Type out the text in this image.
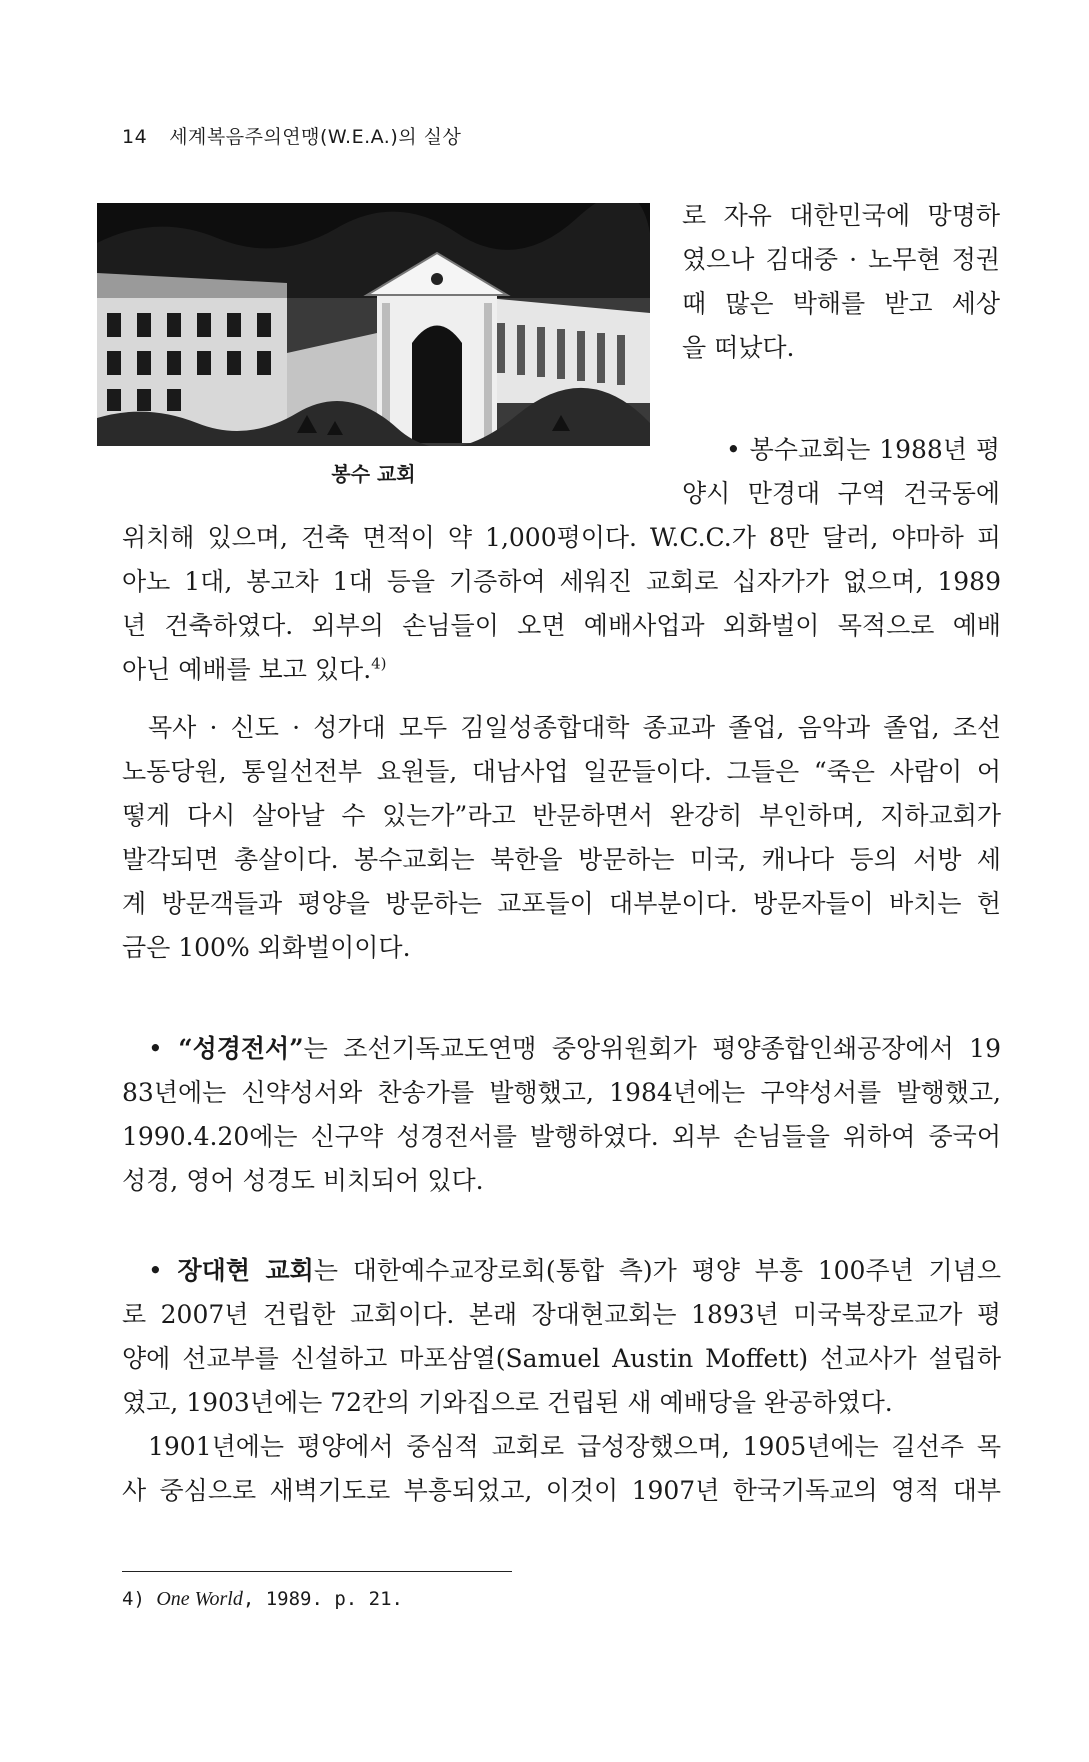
14 세계복음주의연맹(W.E.A.)의 실상
봉수 교회
로 자유 대한민국에 망명하
였으나 김대중 · 노무현 정권
때 많은 박해를 받고 세상
을 떠났다.
• 봉수교회는 1988년 평
양시 만경대 구역 건국동에
위치해 있으며, 건축 면적이 약 1,000평이다. W.C.C.가 8만 달러, 야마하 피
아노 1대, 봉고차 1대 등을 기증하여 세워진 교회로 십자가가 없으며, 1989
년 건축하였다. 외부의 손님들이 오면 예배사업과 외화벌이 목적으로 예배
아닌 예배를 보고 있다.$^{4)}$
목사 · 신도 · 성가대 모두 김일성종합대학 종교과 졸업, 음악과 졸업, 조선
노동당원, 통일선전부 요원들, 대남사업 일꾼들이다. 그들은 “죽은 사람이 어
떻게 다시 살아날 수 있는가”라고 반문하면서 완강히 부인하며, 지하교회가
발각되면 총살이다. 봉수교회는 북한을 방문하는 미국, 캐나다 등의 서방 세
계 방문객들과 평양을 방문하는 교포들이 대부분이다. 방문자들이 바치는 헌
금은 100% 외화벌이이다.
• “성경전서”는 조선기독교도연맹 중앙위원회가 평양종합인쇄공장에서 19
83년에는 신약성서와 찬송가를 발행했고, 1984년에는 구약성서를 발행했고,
1990.4.20에는 신구약 성경전서를 발행하였다. 외부 손님들을 위하여 중국어
성경, 영어 성경도 비치되어 있다.
• 장대현 교회는 대한예수교장로회(통합 측)가 평양 부흥 100주년 기념으
로 2007년 건립한 교회이다. 본래 장대현교회는 1893년 미국북장로교가 평
양에 선교부를 신설하고 마포삼열(Samuel Austin Moffett) 선교사가 설립하
였고, 1903년에는 72칸의 기와집으로 건립된 새 예배당을 완공하였다.
1901년에는 평양에서 중심적 교회로 급성장했으며, 1905년에는 길선주 목
사 중심으로 새벽기도로 부흥되었고, 이것이 1907년 한국기독교의 영적 대부
4) One World, 1989. p. 21.
